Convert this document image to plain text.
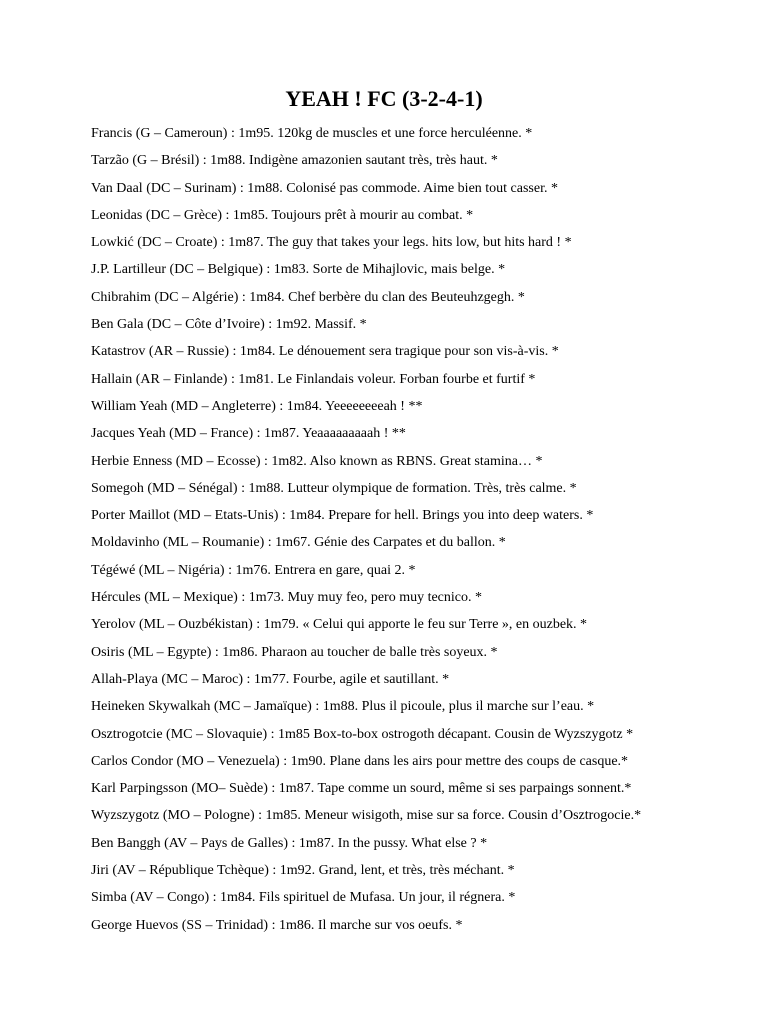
YEAH ! FC (3-2-4-1)
Francis (G – Cameroun) : 1m95. 120kg de muscles et une force herculéenne. *
Tarzão (G – Brésil) : 1m88. Indigène amazonien sautant très, très haut. *
Van Daal (DC – Surinam) : 1m88. Colonisé pas commode. Aime bien tout casser. *
Leonidas (DC – Grèce) : 1m85. Toujours prêt à mourir au combat. *
Lowkić (DC – Croate) : 1m87. The guy that takes your legs. hits low, but hits hard ! *
J.P. Lartilleur (DC – Belgique) : 1m83. Sorte de Mihajlovic, mais belge. *
Chibrahim (DC – Algérie) : 1m84. Chef berbère du clan des Beuteuhzgegh. *
Ben Gala (DC – Côte d’Ivoire) : 1m92. Massif. *
Katastrov (AR – Russie) : 1m84. Le dénouement sera tragique pour son vis-à-vis. *
Hallain (AR – Finlande) : 1m81. Le Finlandais voleur. Forban fourbe et furtif *
William Yeah (MD – Angleterre) : 1m84. Yeeeeeeeeah ! **
Jacques Yeah (MD – France) : 1m87. Yeaaaaaaaaah ! **
Herbie Enness (MD – Ecosse) : 1m82. Also known as RBNS. Great stamina… *
Somegoh (MD – Sénégal) : 1m88. Lutteur olympique de formation. Très, très calme. *
Porter Maillot (MD – Etats-Unis) : 1m84. Prepare for hell. Brings you into deep waters. *
Moldavinho (ML – Roumanie) : 1m67. Génie des Carpates et du ballon. *
Tégéwé (ML – Nigéria) : 1m76. Entrera en gare, quai 2. *
Hércules (ML – Mexique) : 1m73. Muy muy feo, pero muy tecnico. *
Yerolov (ML – Ouzbékistan) : 1m79. « Celui qui apporte le feu sur Terre », en ouzbek. *
Osiris (ML – Egypte) : 1m86. Pharaon au toucher de balle très soyeux. *
Allah-Playa (MC – Maroc) : 1m77. Fourbe, agile et sautillant. *
Heineken Skywalkah (MC – Jamaïque) : 1m88. Plus il picoule, plus il marche sur l’eau. *
Osztrogotcie (MC – Slovaquie) : 1m85 Box-to-box ostrogoth décapant. Cousin de Wyzszygotz *
Carlos Condor (MO – Venezuela) : 1m90. Plane dans les airs pour mettre des coups de casque.*
Karl Parpingsson (MO– Suède) : 1m87. Tape comme un sourd, même si ses parpaings sonnent.*
Wyzszygotz (MO – Pologne) : 1m85. Meneur wisigoth, mise sur sa force. Cousin d’Osztrogocie.*
Ben Banggh (AV – Pays de Galles) : 1m87. In the pussy. What else ? *
Jiri (AV – République Tchèque) : 1m92. Grand, lent, et très, très méchant. *
Simba (AV – Congo) : 1m84. Fils spirituel de Mufasa. Un jour, il régnera. *
George Huevos (SS – Trinidad) : 1m86. Il marche sur vos oeufs. *
